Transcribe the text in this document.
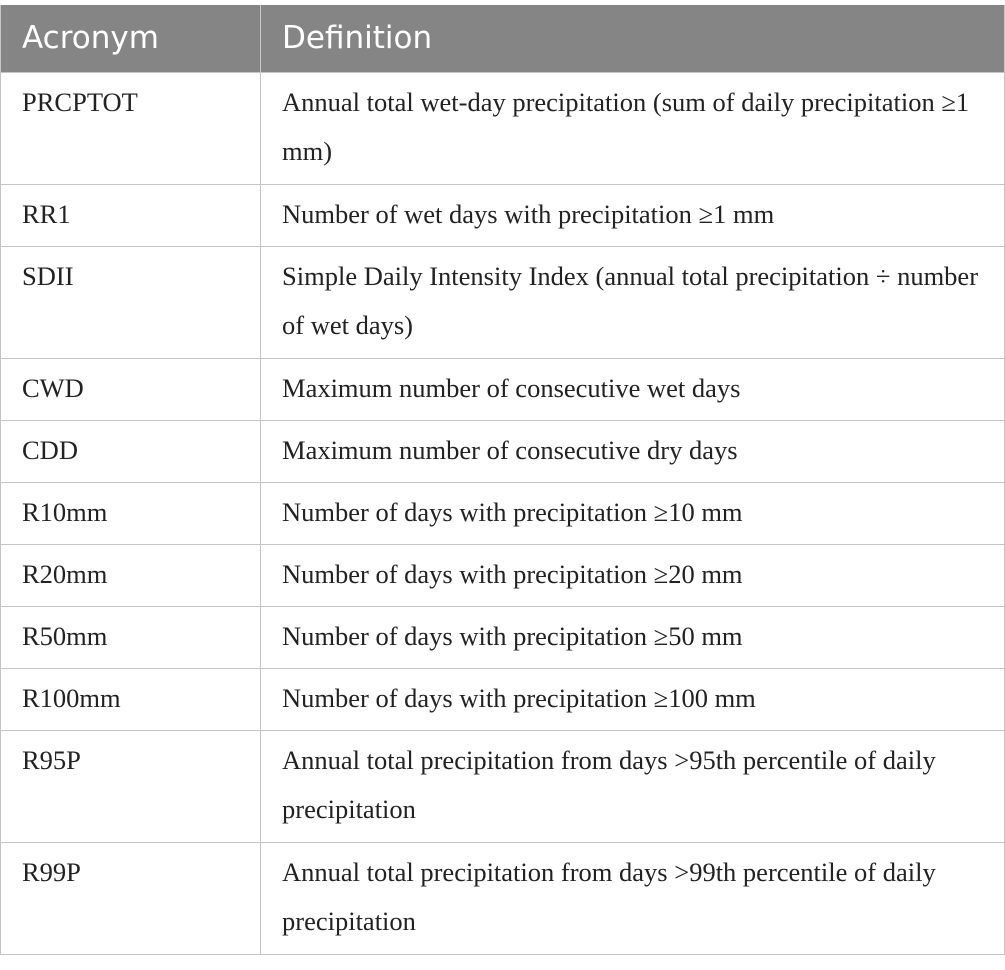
Acronym	Definition
PRCPTOT	Annual total wet-day precipitation (sum of daily precipitation ≥1 mm)
RR1	Number of wet days with precipitation ≥1 mm
SDII	Simple Daily Intensity Index (annual total precipitation ÷ number of wet days)
CWD	Maximum number of consecutive wet days
CDD	Maximum number of consecutive dry days
R10mm	Number of days with precipitation ≥10 mm
R20mm	Number of days with precipitation ≥20 mm
R50mm	Number of days with precipitation ≥50 mm
R100mm	Number of days with precipitation ≥100 mm
R95P	Annual total precipitation from days >95th percentile of daily precipitation
R99P	Annual total precipitation from days >99th percentile of daily precipitation
